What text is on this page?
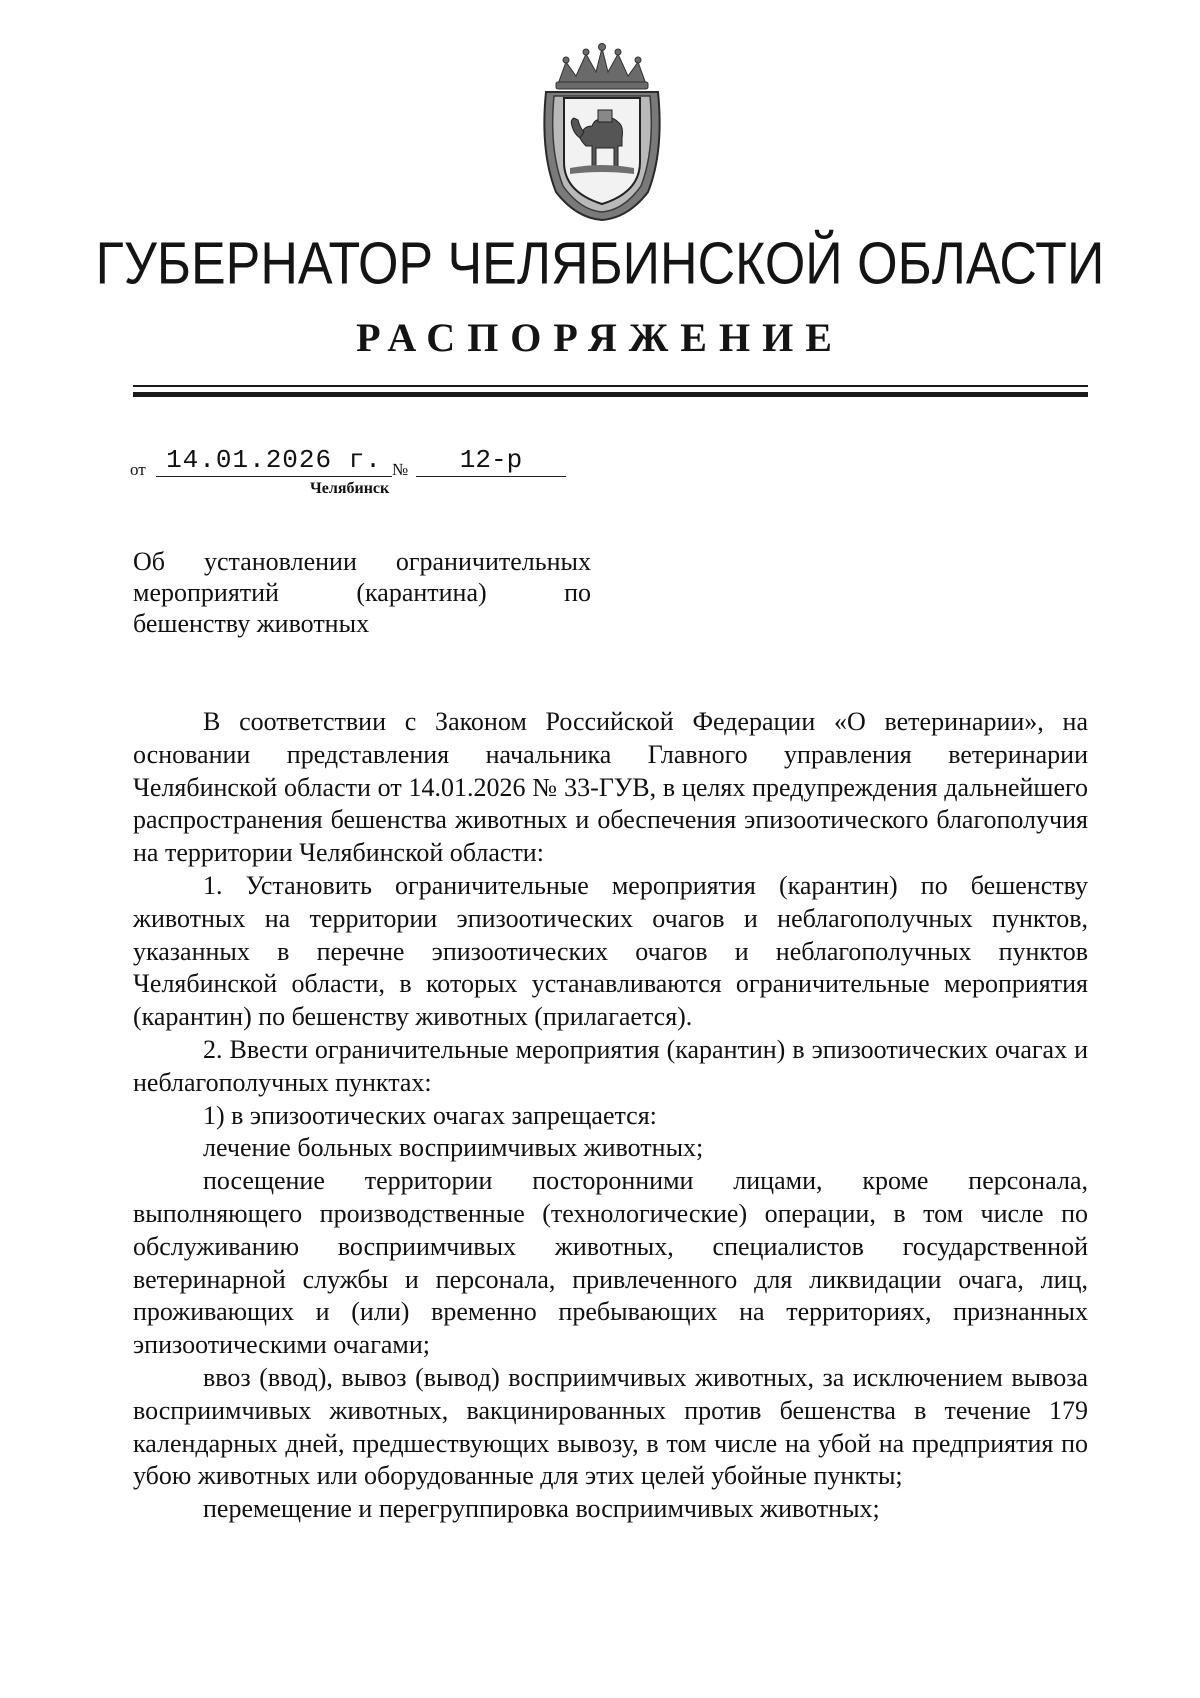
ГУБЕРНАТОР ЧЕЛЯБИНСКОЙ ОБЛАСТИ
РАСПОРЯЖЕНИЕ
от 14.01.2026 г. №	12-р
Челябинск
Об установлении ограничительных
мероприятий (карантина) по
бешенству животных

В соответствии с Законом Российской Федерации «О ветеринарии», на основании представления начальника Главного управления ветеринарии Челябинской области от 14.01.2026 № 33-ГУВ, в целях предупреждения дальнейшего распространения бешенства животных и обеспечения эпизоотического благополучия на территории Челябинской области:

1. Установить ограничительные мероприятия (карантин) по бешенству животных на территории эпизоотических очагов и неблагополучных пунктов, указанных в перечне эпизоотических очагов и неблагополучных пунктов Челябинской области, в которых устанавливаются ограничительные мероприятия (карантин) по бешенству животных (прилагается).

2. Ввести ограничительные мероприятия (карантин) в эпизоотических очагах и неблагополучных пунктах:

1) в эпизоотических очагах запрещается:

лечение больных восприимчивых животных;

посещение территории посторонними лицами, кроме персонала, выполняющего производственные (технологические) операции, в том числе по обслуживанию восприимчивых животных, специалистов государственной ветеринарной службы и персонала, привлеченного для ликвидации очага, лиц, проживающих и (или) временно пребывающих на территориях, признанных эпизоотическими очагами;

ввоз (ввод), вывоз (вывод) восприимчивых животных, за исключением вывоза восприимчивых животных, вакцинированных против бешенства в течение 179 календарных дней, предшествующих вывозу, в том числе на убой на предприятия по убою животных или оборудованные для этих целей убойные пункты;

перемещение и перегруппировка восприимчивых животных;
